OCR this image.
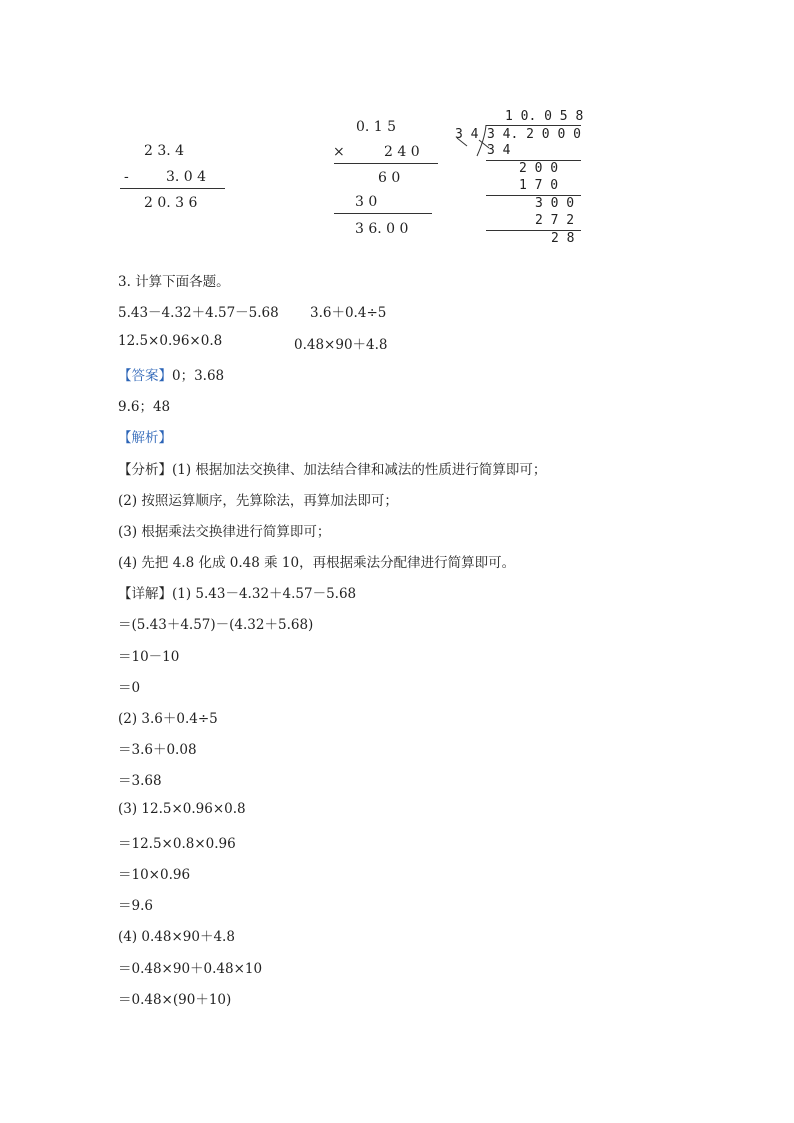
2 3. 4
-	3. 0 4
2 0. 3 6
0. 1 5
×	2 4 0
6 0
3 0
3 6. 0 0
1 0. 0 5 8
3 4 3 4. 2 0 0 0
3 4
2 0 0
1 7 0
3 0 0
2 7 2
2 8
3. 计算下面各题。
5.43－4.32＋4.57－5.68 3.6＋0.4÷5
12.5×0.96×0.8	0.48×90＋4.8
【答案】0；3.68
9.6；48
【解析】
【分析】(1) 根据加法交换律、加法结合律和减法的性质进行简算即可；
(2) 按照运算顺序，先算除法，再算加法即可；
(3) 根据乘法交换律进行简算即可；
(4) 先把 4.8 化成 0.48 乘 10，再根据乘法分配律进行简算即可。
【详解】(1) 5.43－4.32＋4.57－5.68
＝(5.43＋4.57)－(4.32＋5.68)
＝10－10
＝0
(2) 3.6＋0.4÷5
＝3.6＋0.08
＝3.68
(3) 12.5×0.96×0.8
＝12.5×0.8×0.96
＝10×0.96
＝9.6
(4) 0.48×90＋4.8
＝0.48×90＋0.48×10
＝0.48×(90＋10)
